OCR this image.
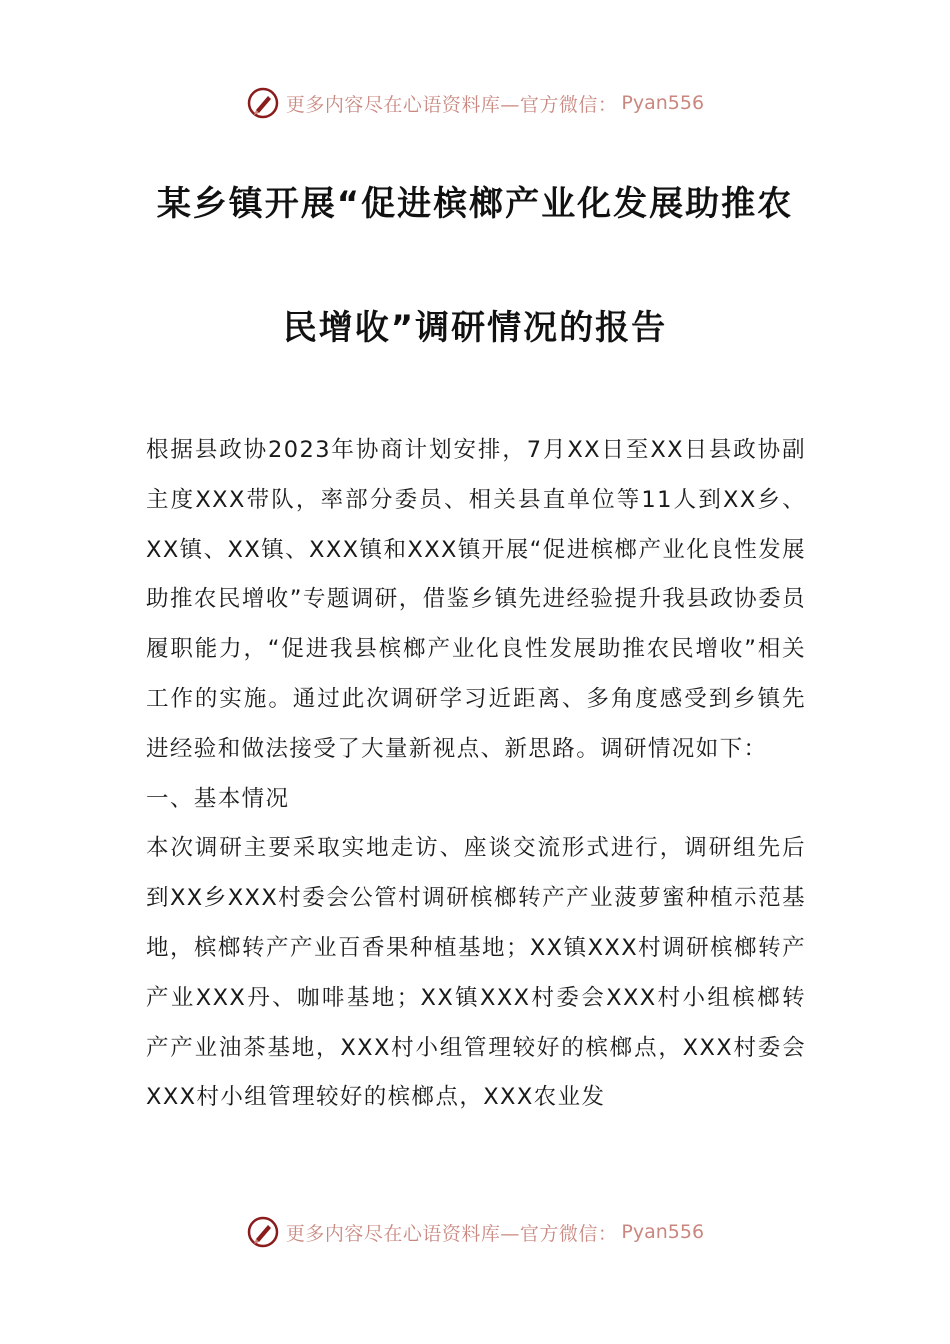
更多内容尽在心语资料库—官方微信： Pyan556
某乡镇开展“促进槟榔产业化发展助推农
民增收”调研情况的报告

根据县政协2023年协商计划安排，7月XX日至XX日县政协副主度XXX带队，率部分委员、相关县直单位等11人到XX乡、XX镇、XX镇、XXX镇和XXX镇开展“促进槟榔产业化良性发展助推农民增收”专题调研，借鉴乡镇先进经验提升我县政协委员履职能力，“促进我县槟榔产业化良性发展助推农民增收”相关工作的实施。通过此次调研学习近距离、多角度感受到乡镇先进经验和做法接受了大量新视点、新思路。调研情况如下：

一、基本情况

本次调研主要采取实地走访、座谈交流形式进行，调研组先后到XX乡XXX村委会公管村调研槟榔转产产业菠萝蜜种植示范基地，槟榔转产产业百香果种植基地；XX镇XXX村调研槟榔转产产业XXX丹、咖啡基地；XX镇XXX村委会XXX村小组槟榔转产产业油茶基地，XXX村小组管理较好的槟榔点，XXX村委会XXX村小组管理较好的槟榔点，XXX农业发

更多内容尽在心语资料库—官方微信： Pyan556
